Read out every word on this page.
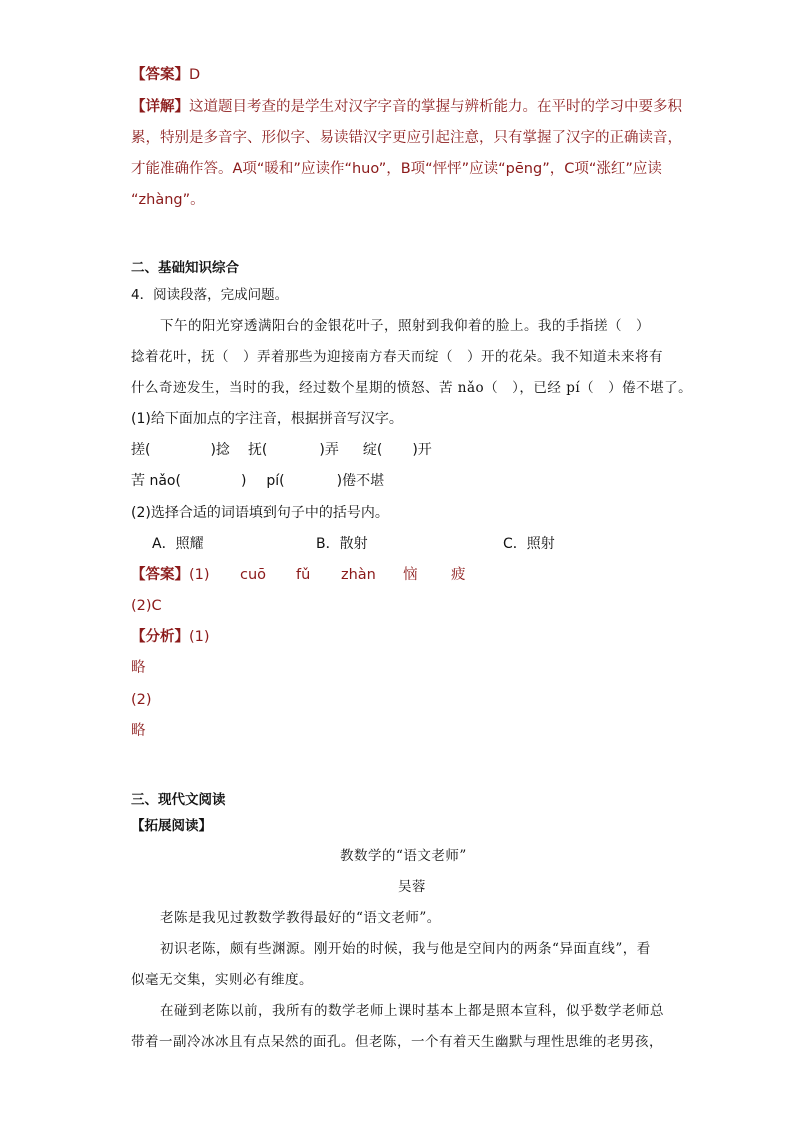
【答案】D
【详解】这道题目考查的是学生对汉字字音的掌握与辨析能力。在平时的学习中要多积
累，特别是多音字、形似字、易读错汉字更应引起注意，只有掌握了汉字的正确读音，
才能准确作答。A项“暖和”应读作“huo”，B项“怦怦”应读“pēng”，C项“涨红”应读
“zhàng”。
二、基础知识综合
4．阅读段落，完成问题。
下午的阳光穿透满阳台的金银花叶子，照射到我仰着的脸上。我的手指搓（　）
捻着花叶，抚（　）弄着那些为迎接南方春天而绽（　）开的花朵。我不知道未来将有
什么奇迹发生，当时的我，经过数个星期的愤怒、苦 nǎo（　），已经 pí（　）倦不堪了。
(1)给下面加点的字注音，根据拼音写汉字。
搓(	)捻 抚(	)弄 绽( )开
苦 nǎo(	) pí(	)倦不堪
(2)选择合适的词语填到句子中的括号内。
A．照耀	B．散射	C．照射
【答案】(1) cuō fǔ zhàn 恼 疲
(2)C
【分析】(1)
略
(2)
略
三、现代文阅读
【拓展阅读】
教数学的“语文老师”
吴蓉
老陈是我见过教数学教得最好的“语文老师”。
初识老陈，颇有些渊源。刚开始的时候，我与他是空间内的两条“异面直线”，看
似毫无交集，实则必有维度。
在碰到老陈以前，我所有的数学老师上课时基本上都是照本宣科，似乎数学老师总
带着一副冷冰冰且有点呆然的面孔。但老陈，一个有着天生幽默与理性思维的老男孩，
